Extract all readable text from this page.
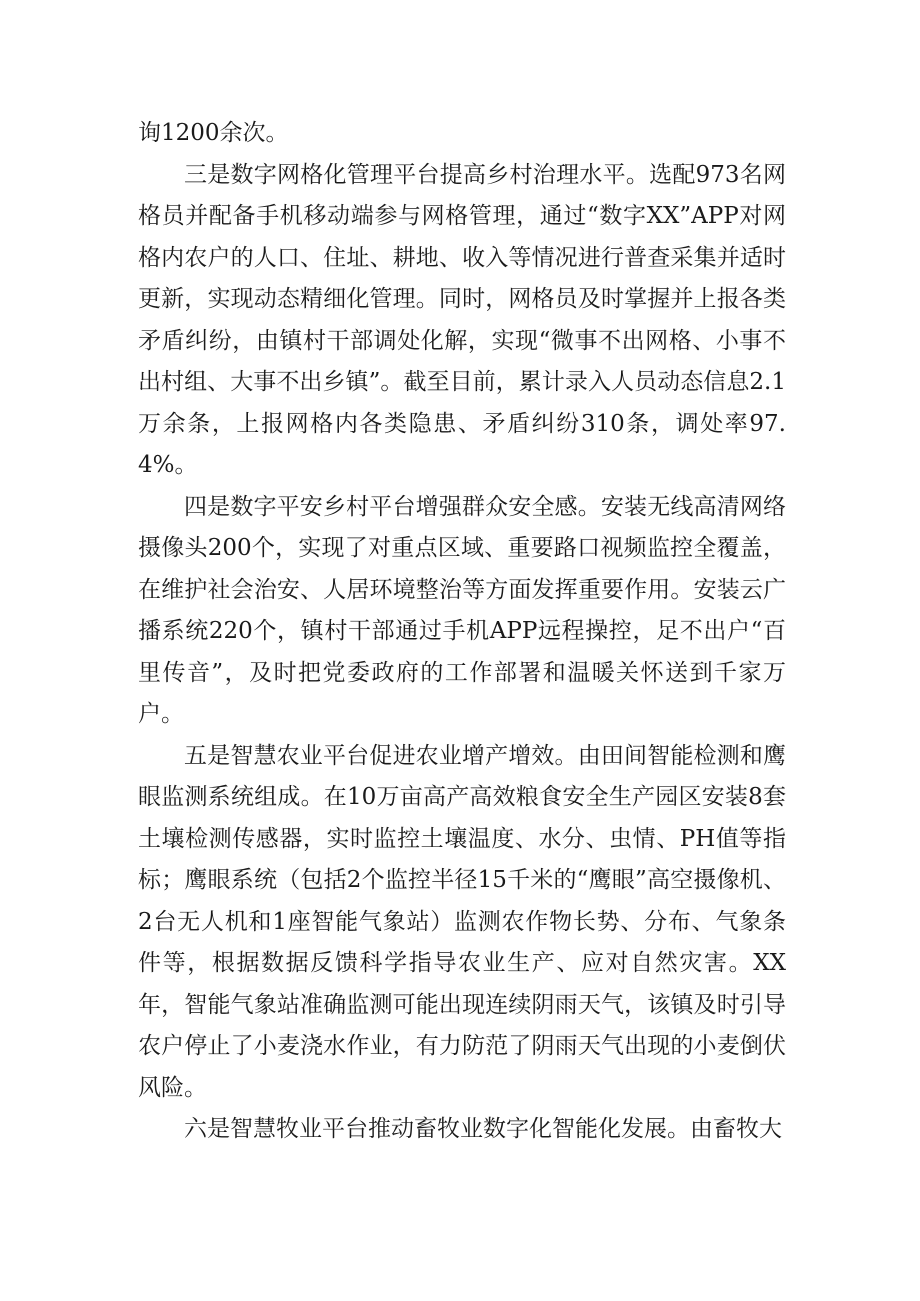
询1200余次。

三是数字网格化管理平台提高乡村治理水平。选配973名网格员并配备手机移动端参与网格管理，通过“数字XX”APP对网格内农户的人口、住址、耕地、收入等情况进行普查采集并适时更新，实现动态精细化管理。同时，网格员及时掌握并上报各类矛盾纠纷，由镇村干部调处化解，实现“微事不出网格、小事不出村组、大事不出乡镇”。截至目前，累计录入人员动态信息2.1万余条，上报网格内各类隐患、矛盾纠纷310条，调处率97.4%。

四是数字平安乡村平台增强群众安全感。安装无线高清网络摄像头200个，实现了对重点区域、重要路口视频监控全覆盖，在维护社会治安、人居环境整治等方面发挥重要作用。安装云广播系统220个，镇村干部通过手机APP远程操控，足不出户“百里传音”，及时把党委政府的工作部署和温暖关怀送到千家万户。

五是智慧农业平台促进农业增产增效。由田间智能检测和鹰眼监测系统组成。在10万亩高产高效粮食安全生产园区安装8套土壤检测传感器，实时监控土壤温度、水分、虫情、PH值等指标；鹰眼系统（包括2个监控半径15千米的“鹰眼”高空摄像机、2台无人机和1座智能气象站）监测农作物长势、分布、气象条件等，根据数据反馈科学指导农业生产、应对自然灾害。XX年，智能气象站准确监测可能出现连续阴雨天气，该镇及时引导农户停止了小麦浇水作业，有力防范了阴雨天气出现的小麦倒伏风险。

六是智慧牧业平台推动畜牧业数字化智能化发展。由畜牧大
